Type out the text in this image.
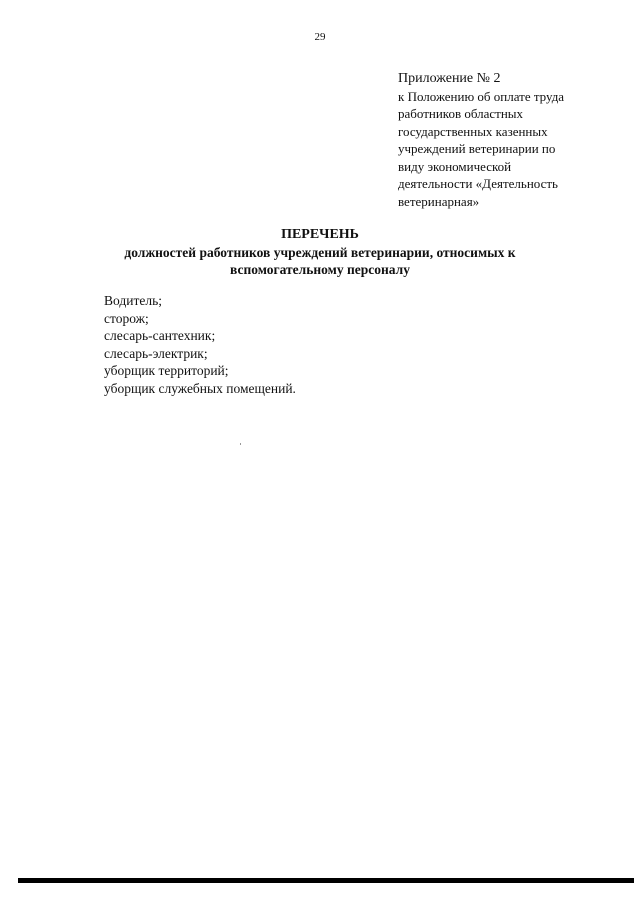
29
Приложение № 2
к Положению об оплате труда
работников областных
государственных казенных
учреждений ветеринарии по
виду экономической
деятельности «Деятельность
ветеринарная»
ПЕРЕЧЕНЬ
должностей работников учреждений ветеринарии, относимых к
вспомогательному персоналу
Водитель;
сторож;
слесарь-сантехник;
слесарь-электрик;
уборщик территорий;
уборщик служебных помещений.
